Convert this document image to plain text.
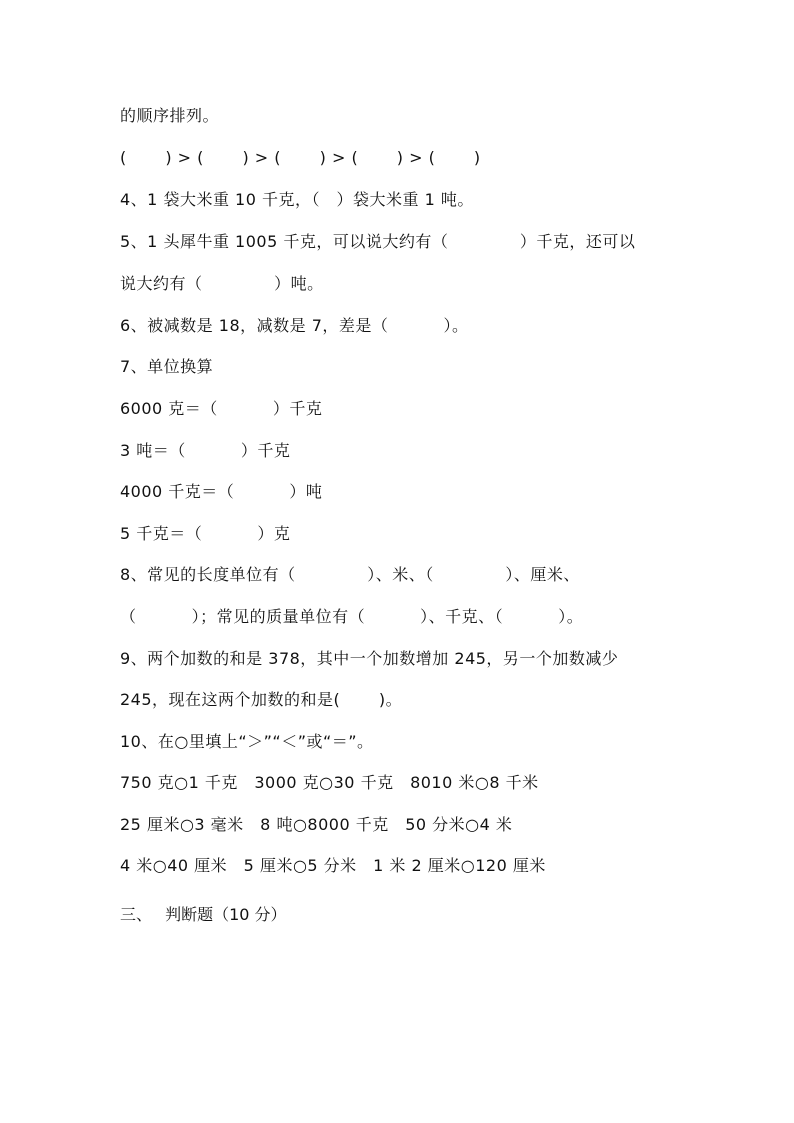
的顺序排列。
(　　 ) > (　　 ) > (　　 ) > (　　 ) > (　　 )
4、1 袋大米重 10 千克，（　）袋大米重 1 吨。
5、1 头犀牛重 1005 千克，可以说大约有（　　　　 ）千克，还可以
说大约有（　　　　 ）吨。
6、被减数是 18，减数是 7，差是（　　　 ）。
7、单位换算
6000 克＝（　　　 ）千克
3 吨＝（　　　 ）千克
4000 千克＝（　　　 ）吨
5 千克＝（　　　 ）克
8、常见的长度单位有（　　　　 ）、米、（　　　　 ）、厘米、
（　　　 ）；常见的质量单位有（　　　 ）、千克、（　　　 ）。
9、两个加数的和是 378，其中一个加数增加 245，另一个加数减少
245，现在这两个加数的和是(　　 )。
10、在○里填上“＞”“＜”或“＝”。
750 克○1 千克　3000 克○30 千克　8010 米○8 千米
25 厘米○3 毫米　8 吨○8000 千克　50 分米○4 米
4 米○40 厘米　5 厘米○5 分米　1 米 2 厘米○120 厘米
三、　 判断题（10 分）
